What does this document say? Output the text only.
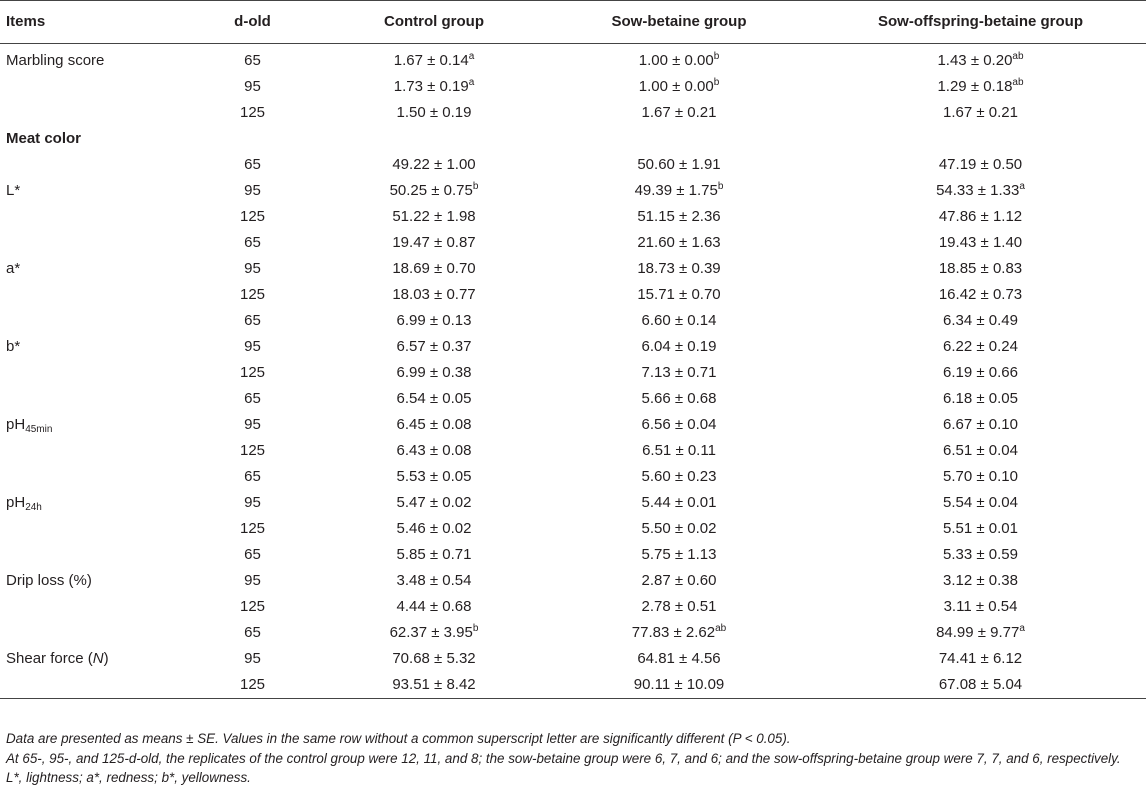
Items	d-old	Control group	Sow-betaine group	Sow-offspring-betaine group
Marbling score	65	1.67 ± 0.14$^a$	1.00 ± 0.00$^b$	1.43 ± 0.20$^{ab}$
	95	1.73 ± 0.19$^a$	1.00 ± 0.00$^b$	1.29 ± 0.18$^{ab}$
	125	1.50 ± 0.19	1.67 ± 0.21	1.67 ± 0.21
Meat color				
	65	49.22 ± 1.00	50.60 ± 1.91	47.19 ± 0.50
L*	95	50.25 ± 0.75$^b$	49.39 ± 1.75$^b$	54.33 ± 1.33$^a$
	125	51.22 ± 1.98	51.15 ± 2.36	47.86 ± 1.12
	65	19.47 ± 0.87	21.60 ± 1.63	19.43 ± 1.40
a*	95	18.69 ± 0.70	18.73 ± 0.39	18.85 ± 0.83
	125	18.03 ± 0.77	15.71 ± 0.70	16.42 ± 0.73
	65	6.99 ± 0.13	6.60 ± 0.14	6.34 ± 0.49
b*	95	6.57 ± 0.37	6.04 ± 0.19	6.22 ± 0.24
	125	6.99 ± 0.38	7.13 ± 0.71	6.19 ± 0.66
	65	6.54 ± 0.05	5.66 ± 0.68	6.18 ± 0.05
$pH_{45min}$	95	6.45 ± 0.08	6.56 ± 0.04	6.67 ± 0.10
	125	6.43 ± 0.08	6.51 ± 0.11	6.51 ± 0.04
	65	5.53 ± 0.05	5.60 ± 0.23	5.70 ± 0.10
$pH_{24h}$	95	5.47 ± 0.02	5.44 ± 0.01	5.54 ± 0.04
	125	5.46 ± 0.02	5.50 ± 0.02	5.51 ± 0.01
	65	5.85 ± 0.71	5.75 ± 1.13	5.33 ± 0.59
Drip loss (%)	95	3.48 ± 0.54	2.87 ± 0.60	3.12 ± 0.38
	125	4.44 ± 0.68	2.78 ± 0.51	3.11 ± 0.54
	65	62.37 ± 3.95$^b$	77.83 ± 2.62$^{ab}$	84.99 ± 9.77$^a$
Shear force (N)	95	70.68 ± 5.32	64.81 ± 4.56	74.41 ± 6.12
	125	93.51 ± 8.42	90.11 ± 10.09	67.08 ± 5.04

Data are presented as means ± SE. Values in the same row without a common superscript letter are significantly different (P < 0.05).

At 65-, 95-, and 125-d-old, the replicates of the control group were 12, 11, and 8; the sow-betaine group were 6, 7, and 6; and the sow-offspring-betaine group were 7, 7, and 6, respectively.

L*, lightness; a*, redness; b*, yellowness.
